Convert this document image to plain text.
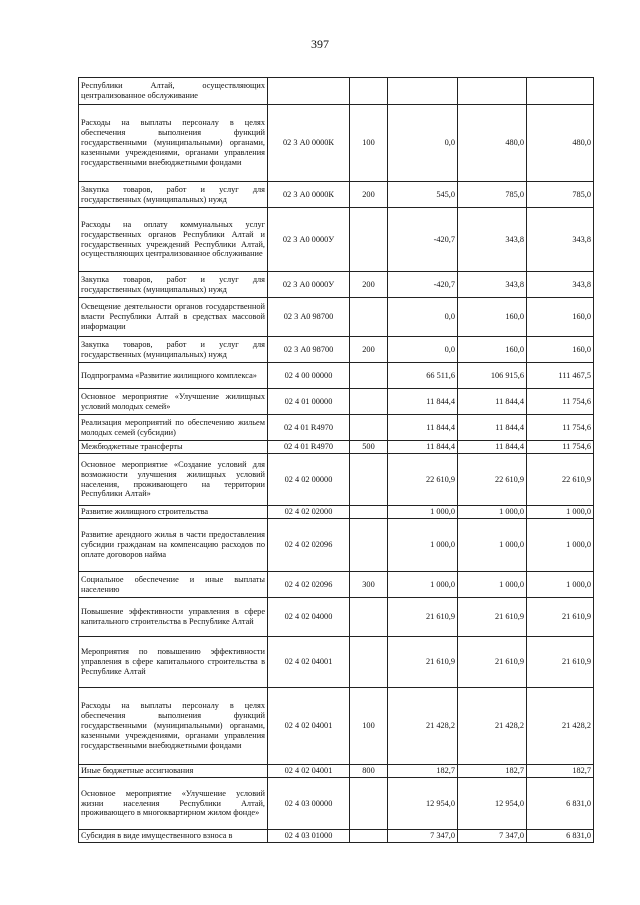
397
Республики Алтай, осуществляющих централизованное обслуживание					
Расходы на выплаты персоналу в целях обеспечения выполнения функций государственными (муниципальными) органами, казенными учреждениями, органами управления государственными внебюджетными фондами	02 3 А0 0000К	100	0,0	480,0	480,0
Закупка товаров, работ и услуг для государственных (муниципальных) нужд	02 3 А0 0000К	200	545,0	785,0	785,0
Расходы на оплату коммунальных услуг государственных органов Республики Алтай и государственных учреждений Республики Алтай, осуществляющих централизованное обслуживание	02 3 А0 0000У		-420,7	343,8	343,8
Закупка товаров, работ и услуг для государственных (муниципальных) нужд	02 3 А0 0000У	200	-420,7	343,8	343,8
Освещение деятельности органов государственной власти Республики Алтай в средствах массовой информации	02 3 А0 98700		0,0	160,0	160,0
Закупка товаров, работ и услуг для государственных (муниципальных) нужд	02 3 А0 98700	200	0,0	160,0	160,0
Подпрограмма «Развитие жилищного комплекса»	02 4 00 00000		66 511,6	106 915,6	111 467,5
Основное мероприятие «Улучшение жилищных условий молодых семей»	02 4 01 00000		11 844,4	11 844,4	11 754,6
Реализация мероприятий по обеспечению жильем молодых семей (субсидии)	02 4 01 R4970		11 844,4	11 844,4	11 754,6
Межбюджетные трансферты	02 4 01 R4970	500	11 844,4	11 844,4	11 754,6
Основное мероприятие «Создание условий для возможности улучшения жилищных условий населения, проживающего на территории Республики Алтай»	02 4 02 00000		22 610,9	22 610,9	22 610,9
Развитие жилищного строительства	02 4 02 02000		1 000,0	1 000,0	1 000,0
Развитие арендного жилья в части предоставления субсидии гражданам на компенсацию расходов по оплате договоров найма	02 4 02 02096		1 000,0	1 000,0	1 000,0
Социальное обеспечение и иные выплаты населению	02 4 02 02096	300	1 000,0	1 000,0	1 000,0
Повышение эффективности управления в сфере капитального строительства в Республике Алтай	02 4 02 04000		21 610,9	21 610,9	21 610,9
Мероприятия по повышению эффективности управления в сфере капитального строительства в Республике Алтай	02 4 02 04001		21 610,9	21 610,9	21 610,9
Расходы на выплаты персоналу в целях обеспечения выполнения функций государственными (муниципальными) органами, казенными учреждениями, органами управления государственными внебюджетными фондами	02 4 02 04001	100	21 428,2	21 428,2	21 428,2
Иные бюджетные ассигнования	02 4 02 04001	800	182,7	182,7	182,7
Основное мероприятие «Улучшение условий жизни населения Республики Алтай, проживающего в многоквартирном жилом фонде»	02 4 03 00000		12 954,0	12 954,0	6 831,0
Субсидия в виде имущественного взноса в	02 4 03 01000		7 347,0	7 347,0	6 831,0
